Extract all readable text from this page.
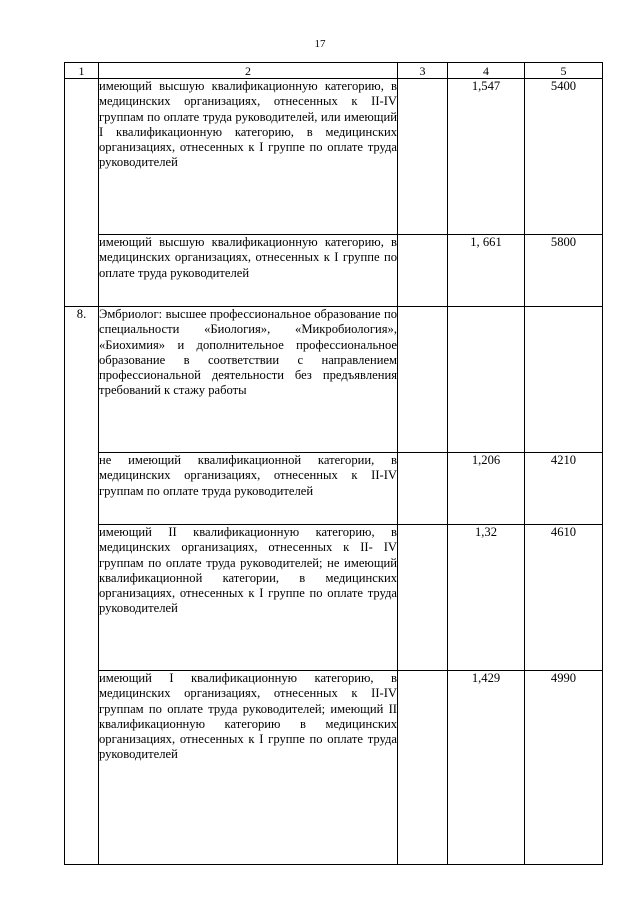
17
1	2	3	4	5
	имеющий высшую квалификационную категорию, в медицинских организациях, отнесенных к II-IV группам по оплате труда руководителей, или имеющий I квалификационную категорию, в медицинских организациях, отнесенных к I группе по оплате труда руководителей		1,547	5400
	имеющий высшую квалификационную категорию, в медицинских организациях, отнесенных к I группе по оплате труда руководителей		1, 661	5800
8.	Эмбриолог: высшее профессиональное образование по специальности «Биология», «Микробиология», «Биохимия» и дополнительное профессиональное образование в соответствии с направлением профессиональной деятельности без предъявления требований к стажу работы			
	не имеющий квалификационной категории, в медицинских организациях, отнесенных к II-IV группам по оплате труда руководителей		1,206	4210
	имеющий II квалификационную категорию, в медицинских организациях, отнесенных к II- IV группам по оплате труда руководителей; не имеющий квалификационной категории, в медицинских организациях, отнесенных к I группе по оплате труда руководителей		1,32	4610
	имеющий I квалификационную категорию, в медицинских организациях, отнесенных к II-IV группам по оплате труда руководителей; имеющий II квалификационную категорию в медицинских организациях, отнесенных к I группе по оплате труда руководителей		1,429	4990
